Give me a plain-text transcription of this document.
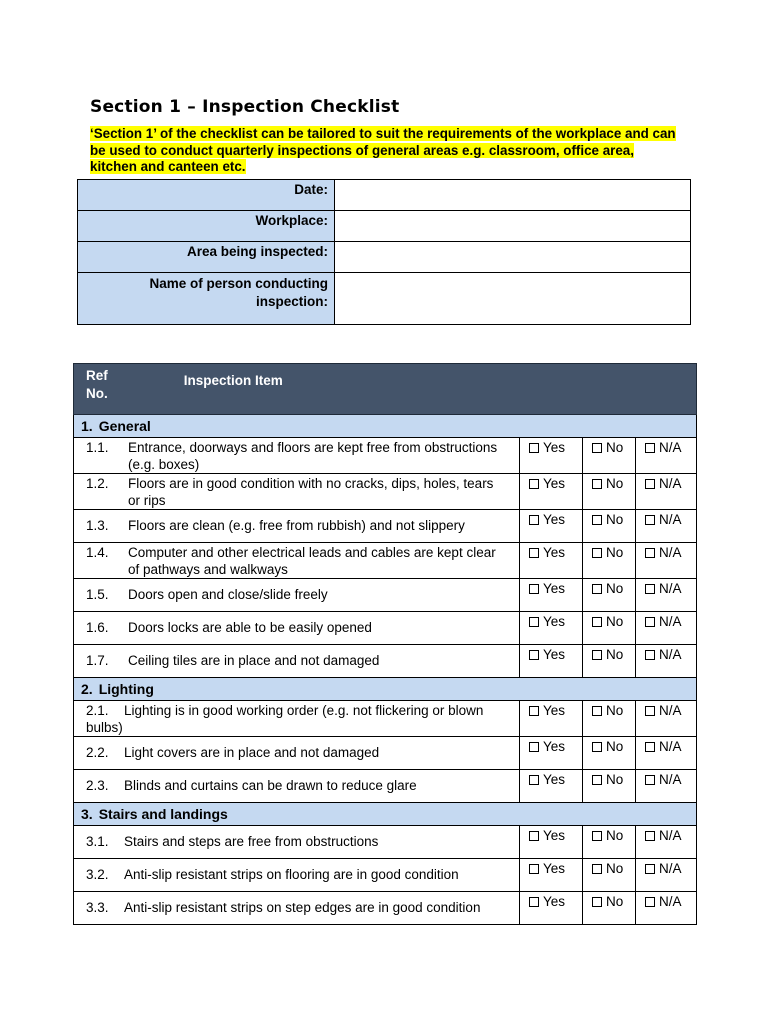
Section 1 – Inspection Checklist
‘Section 1’ of the checklist can be tailored to suit the requirements of the workplace and can be used to conduct quarterly inspections of general areas e.g. classroom, office area, kitchen and canteen etc.
Date:	
Workplace:	
Area being inspected:	

Name of person conducting inspection:	

Ref
No.
Inspection Item			

1. General			
1.1. Entrance, doorways and floors are kept free from obstructions (e.g. boxes)	Yes	No	N/A
1.2. Floors are in good condition with no cracks, dips, holes, tears or rips	Yes	No	N/A
1.3. Floors are clean (e.g. free from rubbish) and not slippery	Yes	No	N/A
1.4. Computer and other electrical leads and cables are kept clear of pathways and walkways	Yes	No	N/A
1.5. Doors open and close/slide freely	Yes	No	N/A
1.6. Doors locks are able to be easily opened	Yes	No	N/A
1.7. Ceiling tiles are in place and not damaged	Yes	No	N/A
2. Lighting			
2.1. Lighting is in good working order (e.g. not flickering or blown bulbs)	Yes	No	N/A
2.2. Light covers are in place and not damaged	Yes	No	N/A
2.3. Blinds and curtains can be drawn to reduce glare	Yes	No	N/A
3. Stairs and landings			
3.1. Stairs and steps are free from obstructions	Yes	No	N/A
3.2. Anti-slip resistant strips on flooring are in good condition	Yes	No	N/A
3.3. Anti-slip resistant strips on step edges are in good condition	Yes	No	N/A
